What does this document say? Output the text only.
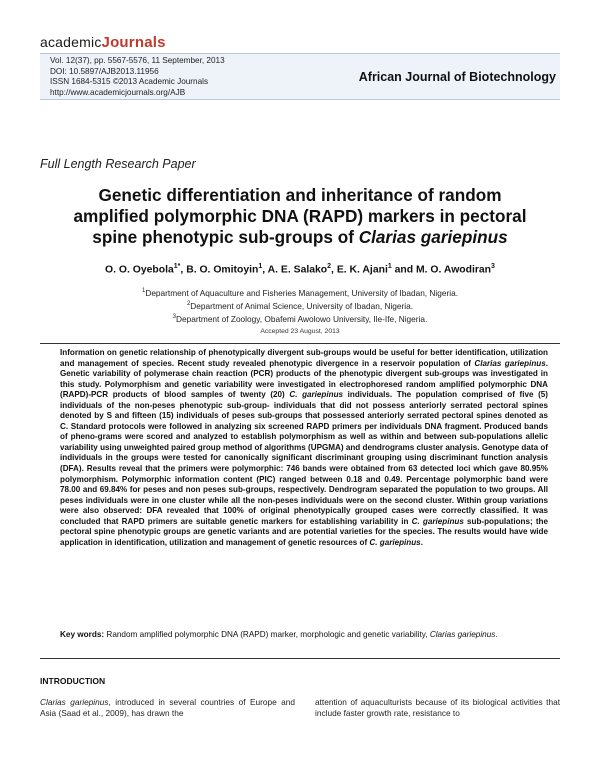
academicJournals
Vol. 12(37), pp. 5567-5576, 11 September, 2013
DOI: 10.5897/AJB2013.11956
ISSN 1684-5315 ©2013 Academic Journals
http://www.academicjournals.org/AJB
African Journal of Biotechnology
Full Length Research Paper
Genetic differentiation and inheritance of random
amplified polymorphic DNA (RAPD) markers in pectoral
spine phenotypic sub-groups of Clarias gariepinus
O. O. Oyebola$^{1*}$, B. O. Omitoyin$^1$, A. E. Salako$^2$, E. K. Ajani$^1$ and M. O. Awodiran$^3$
$^1$Department of Aquaculture and Fisheries Management, University of Ibadan, Nigeria.
$^2$Department of Animal Science, University of Ibadan, Nigeria.
$^3$Department of Zoology, Obafemi Awolowo University, Ile-Ife, Nigeria.
Accepted 23 August, 2013
Information on genetic relationship of phenotypically divergent sub-groups would be useful for better identification, utilization and management of species. Recent study revealed phenotypic divergence in a reservoir population of Clarias gariepinus. Genetic variability of polymerase chain reaction (PCR) products of the phenotypic divergent sub-groups was investigated in this study. Polymorphism and genetic variability were investigated in electrophoresed random amplified polymorphic DNA (RAPD)-PCR products of blood samples of twenty (20) C. gariepinus individuals. The population comprised of five (5) individuals of the non-peses phenotypic sub-group- individuals that did not possess anteriorly serrated pectoral spines denoted by S and fifteen (15) individuals of peses sub-groups that possessed anteriorly serrated pectoral spines denoted as C. Standard protocols were followed in analyzing six screened RAPD primers per individuals DNA fragment. Produced bands of pheno-grams were scored and analyzed to establish polymorphism as well as within and between sub-populations allelic variability using unweighted paired group method of algorithms (UPGMA) and dendrograms cluster analysis. Genotype data of individuals in the groups were tested for canonically significant discriminant grouping using discriminant function analysis (DFA). Results reveal that the primers were polymorphic: 746 bands were obtained from 63 detected loci which gave 80.95% polymorphism. Polymorphic information content (PIC) ranged between 0.18 and 0.49. Percentage polymorphic band were 78.00 and 69.84% for peses and non peses sub-groups, respectively. Dendrogram separated the population to two groups. All peses individuals were in one cluster while all the non-peses individuals were on the second cluster. Within group variations were also observed: DFA revealed that 100% of original phenotypically grouped cases were correctly classified. It was concluded that RAPD primers are suitable genetic markers for establishing variability in C. gariepinus sub-populations; the pectoral spine phenotypic groups are genetic variants and are potential varieties for the species. The results would have wide application in identification, utilization and management of genetic resources of C. gariepinus.
Key words: Random amplified polymorphic DNA (RAPD) marker, morphologic and genetic variability, Clarias gariepinus.
INTRODUCTION
Clarias gariepinus, introduced in several countries of Europe and Asia (Saad et al., 2009), has drawn the
attention of aquaculturists because of its biological activities that include faster growth rate, resistance to
